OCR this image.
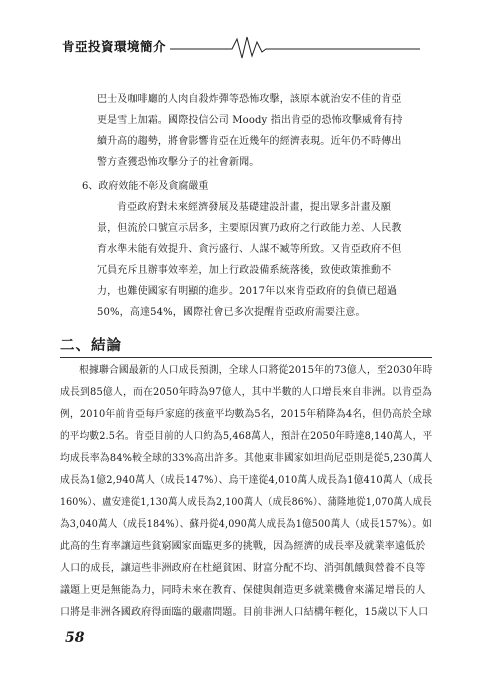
肯亞投資環境簡介
巴士及咖啡廳的人肉自殺炸彈等恐怖攻擊，該原本就治安不佳的肯亞
更是雪上加霜。國際投信公司 Moody 指出肯亞的恐怖攻擊威脅有持
續升高的趨勢，將會影響肯亞在近幾年的經濟表現。近年仍不時傳出
警方查獲恐怖攻擊分子的社會新聞。
6、政府效能不彰及貪腐嚴重
肯亞政府對未來經濟發展及基礎建設計畫，提出眾多計畫及願
景，但流於口號宣示居多，主要原因實乃政府之行政能力差、人民教
育水準未能有效提升、貪污盛行、人謀不臧等所致。又肯亞政府不但
冗員充斥且辦事效率差，加上行政設備系統落後，致使政策推動不
力，也難使國家有明顯的進步。2017年以來肯亞政府的負債已超過
50%，高達54%，國際社會已多次提醒肯亞政府需要注意。
二、結論
根據聯合國最新的人口成長預測，全球人口將從2015年的73億人，至2030年時
成長到85億人，而在2050年時為97億人，其中半數的人口增長來自非洲。以肯亞為
例，2010年前肯亞每戶家庭的孩童平均數為5名，2015年稍降為4名，但仍高於全球
的平均數2.5名。肯亞目前的人口約為5,468萬人，預計在2050年時達8,140萬人，平
均成長率為84%較全球的33%高出許多。其他東非國家如坦尚尼亞則是從5,230萬人
成長為1億2,940萬人（成長147%）、烏干達從4,010萬人成長為1億410萬人（成長
160%）、盧安達從1,130萬人成長為2,100萬人（成長86%）、蒲隆地從1,070萬人成長
為3,040萬人（成長184%）、蘇丹從4,090萬人成長為1億500萬人（成長157%）。如
此高的生育率讓這些貧窮國家面臨更多的挑戰，因為經濟的成長率及就業率遠低於
人口的成長，讓這些非洲政府在杜絕貧困、財富分配不均、消弭飢餓與營養不良等
議題上更是無能為力，同時未來在教育、保健與創造更多就業機會來滿足增長的人
口將是非洲各國政府得面臨的嚴肅問題。目前非洲人口結構年輕化，15歲以下人口
58
